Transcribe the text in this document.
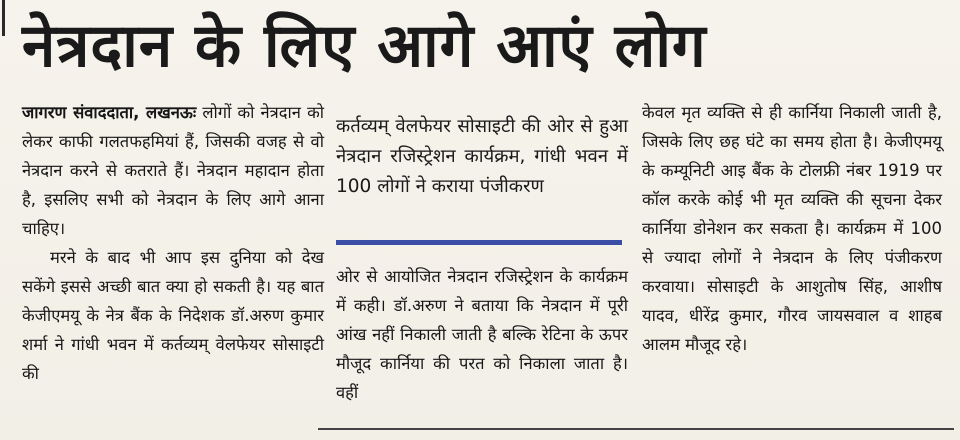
नेत्रदान के लिए आगे आएं लोग

जागरण संवाददाता, लखनऊः लोगों को नेत्रदान को लेकर काफी गलतफहमियां हैं, जिसकी वजह से वो नेत्रदान करने से कतराते हैं। नेत्रदान महादान होता है, इसलिए सभी को नेत्रदान के लिए आगे आना चाहिए।

मरने के बाद भी आप इस दुनिया को देख सकेंगे इससे अच्छी बात क्या हो सकती है। यह बात केजीएमयू के नेत्र बैंक के निदेशक डॉ.अरुण कुमार शर्मा ने गांधी भवन में कर्तव्यम् वेलफेयर सोसाइटी की

कर्तव्यम् वेलफेयर सोसाइटी की ओर से हुआ नेत्रदान रजिस्ट्रेशन कार्यक्रम, गांधी भवन में 100 लोगों ने कराया पंजीकरण

ओर से आयोजित नेत्रदान रजिस्ट्रेशन के कार्यक्रम में कही। डॉ.अरुण ने बताया कि नेत्रदान में पूरी आंख नहीं निकाली जाती है बल्कि रेटिना के ऊपर मौजूद कार्निया की परत को निकाला जाता है। वहीं

केवल मृत व्यक्ति से ही कार्निया निकाली जाती है, जिसके लिए छह घंटे का समय होता है। केजीएमयू के कम्यूनिटी आइ बैंक के टोलफ्री नंबर 1919 पर कॉल करके कोई भी मृत व्यक्ति की सूचना देकर कार्निया डोनेशन कर सकता है। कार्यक्रम में 100 से ज्यादा लोगों ने नेत्रदान के लिए पंजीकरण करवाया। सोसाइटी के आशुतोष सिंह, आशीष यादव, धीरेंद्र कुमार, गौरव जायसवाल व शाहब आलम मौजूद रहे।
